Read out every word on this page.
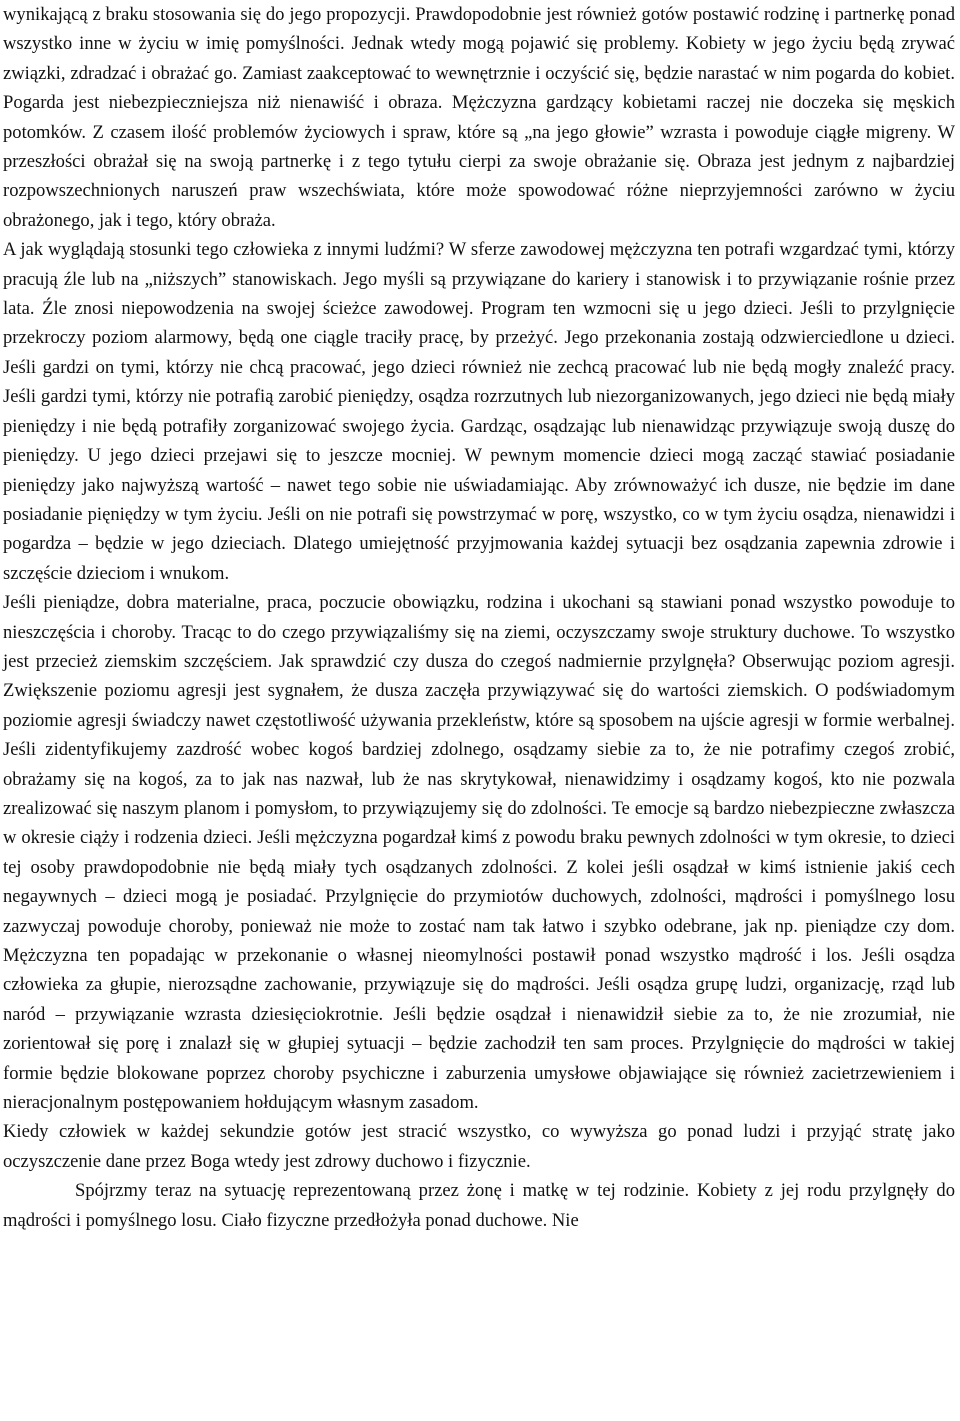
wynikającą z braku stosowania się do jego propozycji. Prawdopodobnie jest również gotów postawić rodzinę i partnerkę ponad wszystko inne w życiu w imię pomyślności. Jednak wtedy mogą pojawić się problemy. Kobiety w jego życiu będą zrywać związki, zdradzać i obrażać go. Zamiast zaakceptować to wewnętrznie i oczyścić się, będzie narastać w nim pogarda do kobiet. Pogarda jest niebezpieczniejsza niż nienawiść i obraza. Mężczyzna gardzący kobietami raczej nie doczeka się męskich potomków. Z czasem ilość problemów życiowych i spraw, które są „na jego głowie” wzrasta i powoduje ciągłe migreny. W przeszłości obrażał się na swoją partnerkę i z tego tytułu cierpi za swoje obrażanie się. Obraza jest jednym z najbardziej rozpowszechnionych naruszeń praw wszechświata, które może spowodować różne nieprzyjemności zarówno w życiu obrażonego, jak i tego, który obraża.

A jak wyglądają stosunki tego człowieka z innymi ludźmi? W sferze zawodowej mężczyzna ten potrafi wzgardzać tymi, którzy pracują źle lub na „niższych” stanowiskach. Jego myśli są przywiązane do kariery i stanowisk i to przywiązanie rośnie przez lata. Źle znosi niepowodzenia na swojej ścieżce zawodowej. Program ten wzmocni się u jego dzieci. Jeśli to przylgnięcie przekroczy poziom alarmowy, będą one ciągle traciły pracę, by przeżyć. Jego przekonania zostają odzwierciedlone u dzieci. Jeśli gardzi on tymi, którzy nie chcą pracować, jego dzieci również nie zechcą pracować lub nie będą mogły znaleźć pracy. Jeśli gardzi tymi, którzy nie potrafią zarobić pieniędzy, osądza rozrzutnych lub niezorganizowanych, jego dzieci nie będą miały pieniędzy i nie będą potrafiły zorganizować swojego życia. Gardząc, osądzając lub nienawidząc przywiązuje swoją duszę do pieniędzy. U jego dzieci przejawi się to jeszcze mocniej. W pewnym momencie dzieci mogą zacząć stawiać posiadanie pieniędzy jako najwyższą wartość – nawet tego sobie nie uświadamiając. Aby zrównoważyć ich dusze, nie będzie im dane posiadanie pięniędzy w tym życiu. Jeśli on nie potrafi się powstrzymać w porę, wszystko, co w tym życiu osądza, nienawidzi i pogardza – będzie w jego dzieciach. Dlatego umiejętność przyjmowania każdej sytuacji bez osądzania zapewnia zdrowie i szczęście dzieciom i wnukom.

Jeśli pieniądze, dobra materialne, praca, poczucie obowiązku, rodzina i ukochani są stawiani ponad wszystko powoduje to nieszczęścia i choroby. Tracąc to do czego przywiązaliśmy się na ziemi, oczyszczamy swoje struktury duchowe. To wszystko jest przecież ziemskim szczęściem. Jak sprawdzić czy dusza do czegoś nadmiernie przylgnęła? Obserwując poziom agresji. Zwiększenie poziomu agresji jest sygnałem, że dusza zaczęła przywiązywać się do wartości ziemskich. O podświadomym poziomie agresji świadczy nawet częstotliwość używania przekleństw, które są sposobem na ujście agresji w formie werbalnej. Jeśli zidentyfikujemy zazdrość wobec kogoś bardziej zdolnego, osądzamy siebie za to, że nie potrafimy czegoś zrobić, obrażamy się na kogoś, za to jak nas nazwał, lub że nas skrytykował, nienawidzimy i osądzamy kogoś, kto nie pozwala zrealizować się naszym planom i pomysłom, to przywiązujemy się do zdolności. Te emocje są bardzo niebezpieczne zwłaszcza w okresie ciąży i rodzenia dzieci. Jeśli mężczyzna pogardzał kimś z powodu braku pewnych zdolności w tym okresie, to dzieci tej osoby prawdopodobnie nie będą miały tych osądzanych zdolności. Z kolei jeśli osądzał w kimś istnienie jakiś cech negaywnych – dzieci mogą je posiadać. Przylgnięcie do przymiotów duchowych, zdolności, mądrości i pomyślnego losu zazwyczaj powoduje choroby, ponieważ nie może to zostać nam tak łatwo i szybko odebrane, jak np. pieniądze czy dom. Mężczyzna ten popadając w przekonanie o własnej nieomylności postawił ponad wszystko mądrość i los. Jeśli osądza człowieka za głupie, nierozsądne zachowanie, przywiązuje się do mądrości. Jeśli osądza grupę ludzi, organizację, rząd lub naród – przywiązanie wzrasta dziesięciokrotnie. Jeśli będzie osądzał i nienawidził siebie za to, że nie zrozumiał, nie zorientował się porę i znalazł się w głupiej sytuacji – będzie zachodził ten sam proces. Przylgnięcie do mądrości w takiej formie będzie blokowane poprzez choroby psychiczne i zaburzenia umysłowe objawiające się również zacietrzewieniem i nieracjonalnym postępowaniem hołdującym własnym zasadom.

Kiedy człowiek w każdej sekundzie gotów jest stracić wszystko, co wywyższa go ponad ludzi i przyjąć stratę jako oczyszczenie dane przez Boga wtedy jest zdrowy duchowo i fizycznie.

Spójrzmy teraz na sytuację reprezentowaną przez żonę i matkę w tej rodzinie. Kobiety z jej rodu przylgnęły do mądrości i pomyślnego losu. Ciało fizyczne przedłożyła ponad duchowe. Nie
